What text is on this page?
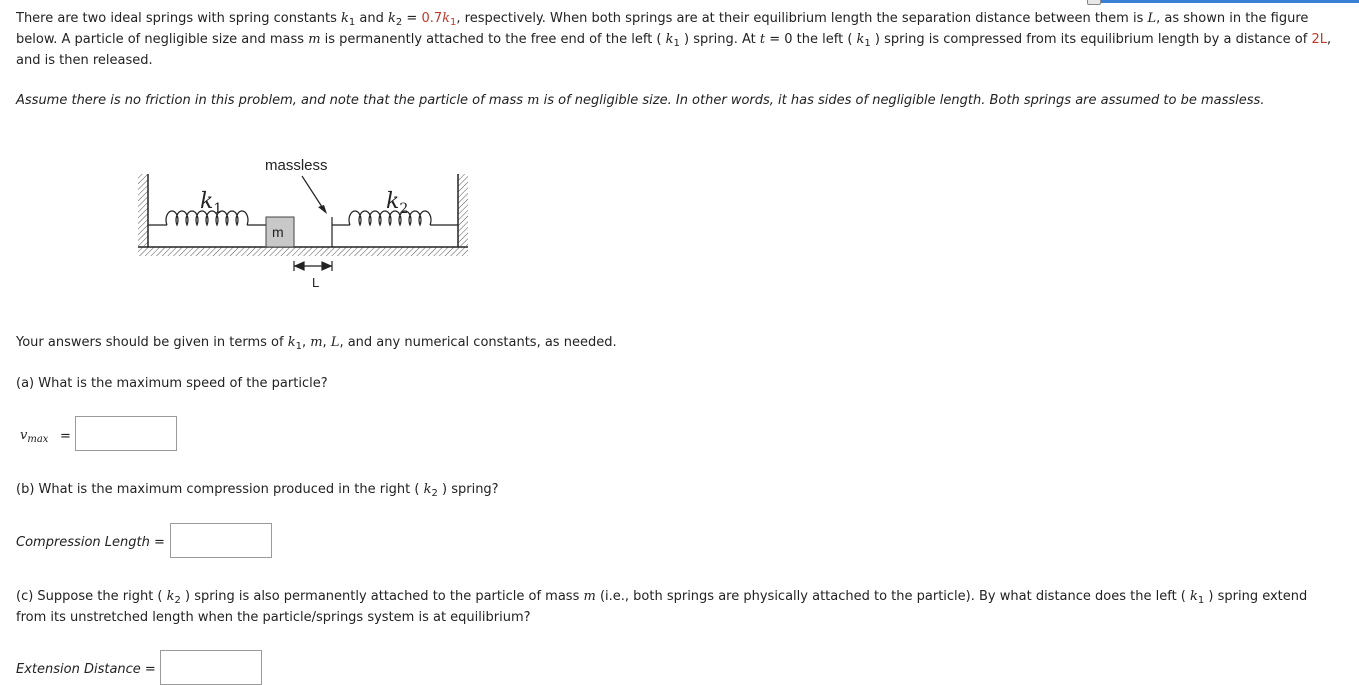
There are two ideal springs with spring constants $k_1$ and $k_2 = 0.7k_1$, respectively. When both springs are at their equilibrium length the separation distance between them is L, as shown in the figure below. A particle of negligible size and mass m is permanently attached to the free end of the left ( $k_1$ ) spring. At t = 0 the left ( $k_1$ ) spring is compressed from its equilibrium length by a distance of 2L, and is then released.

Assume there is no friction in this problem, and note that the particle of mass m is of negligible size. In other words, it has sides of negligible length. Both springs are assumed to be massless.

massless
$k_1$	$k_2$
m
L

Your answers should be given in terms of $k_1$, m, L, and any numerical constants, as needed.

(a) What is the maximum speed of the particle?

$v_{max}$ =

(b) What is the maximum compression produced in the right ( $k_2$ ) spring?

Compression Length =

(c) Suppose the right ( $k_2$ ) spring is also permanently attached to the particle of mass m (i.e., both springs are physically attached to the particle). By what distance does the left ( $k_1$ ) spring extend from its unstretched length when the particle/springs system is at equilibrium?

Extension Distance =
